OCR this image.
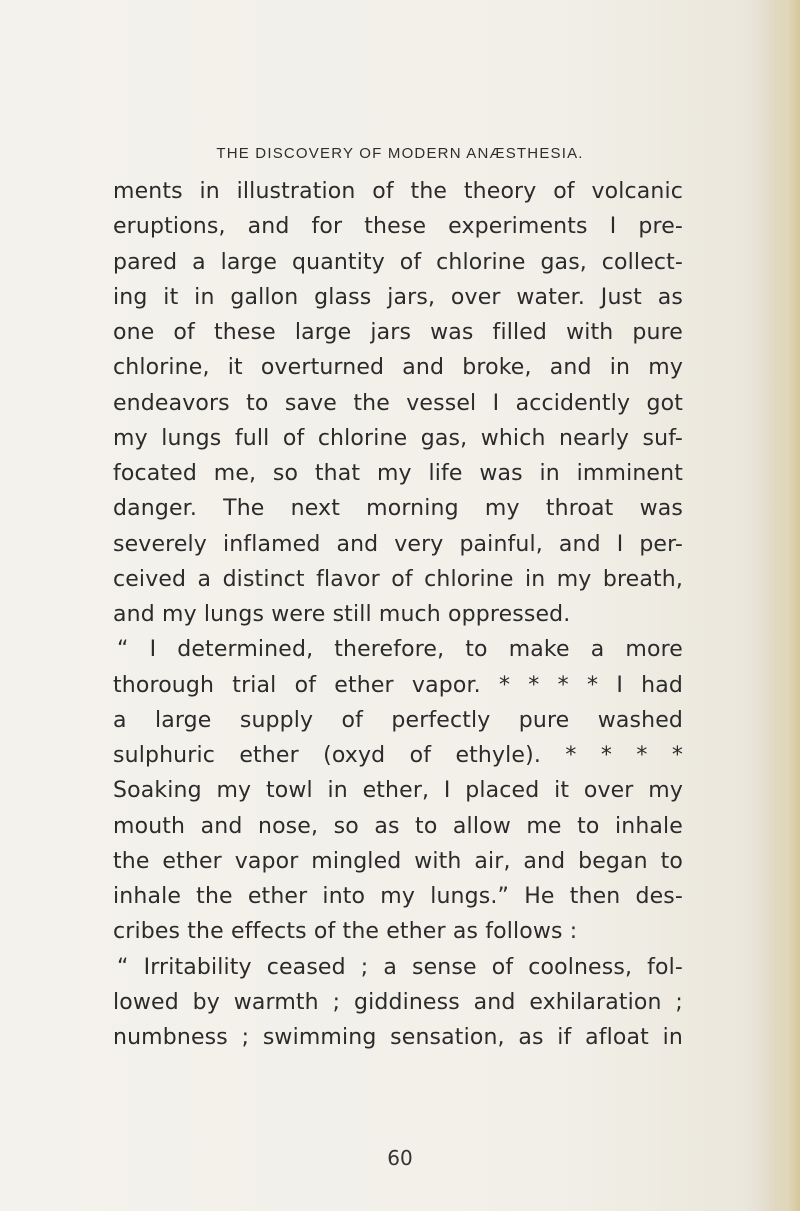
THE DISCOVERY OF MODERN ANÆSTHESIA.
ments in illustration of the theory of volcanic
eruptions, and for these experiments I pre-
pared a large quantity of chlorine gas, collect-
ing it in gallon glass jars, over water. Just as
one of these large jars was filled with pure
chlorine, it overturned and broke, and in my
endeavors to save the vessel I accidently got
my lungs full of chlorine gas, which nearly suf-
focated me, so that my life was in imminent
danger. The next morning my throat was
severely inflamed and very painful, and I per-
ceived a distinct flavor of chlorine in my breath,
and my lungs were still much oppressed.
“ I determined, therefore, to make a more
thorough trial of ether vapor. * * * * I had
a large supply of perfectly pure washed
sulphuric ether (oxyd of ethyle). * * * *
Soaking my towl in ether, I placed it over my
mouth and nose, so as to allow me to inhale
the ether vapor mingled with air, and began to
inhale the ether into my lungs.” He then des-
cribes the effects of the ether as follows :
“ Irritability ceased ; a sense of coolness, fol-
lowed by warmth ; giddiness and exhilaration ;
numbness ; swimming sensation, as if afloat in
60
